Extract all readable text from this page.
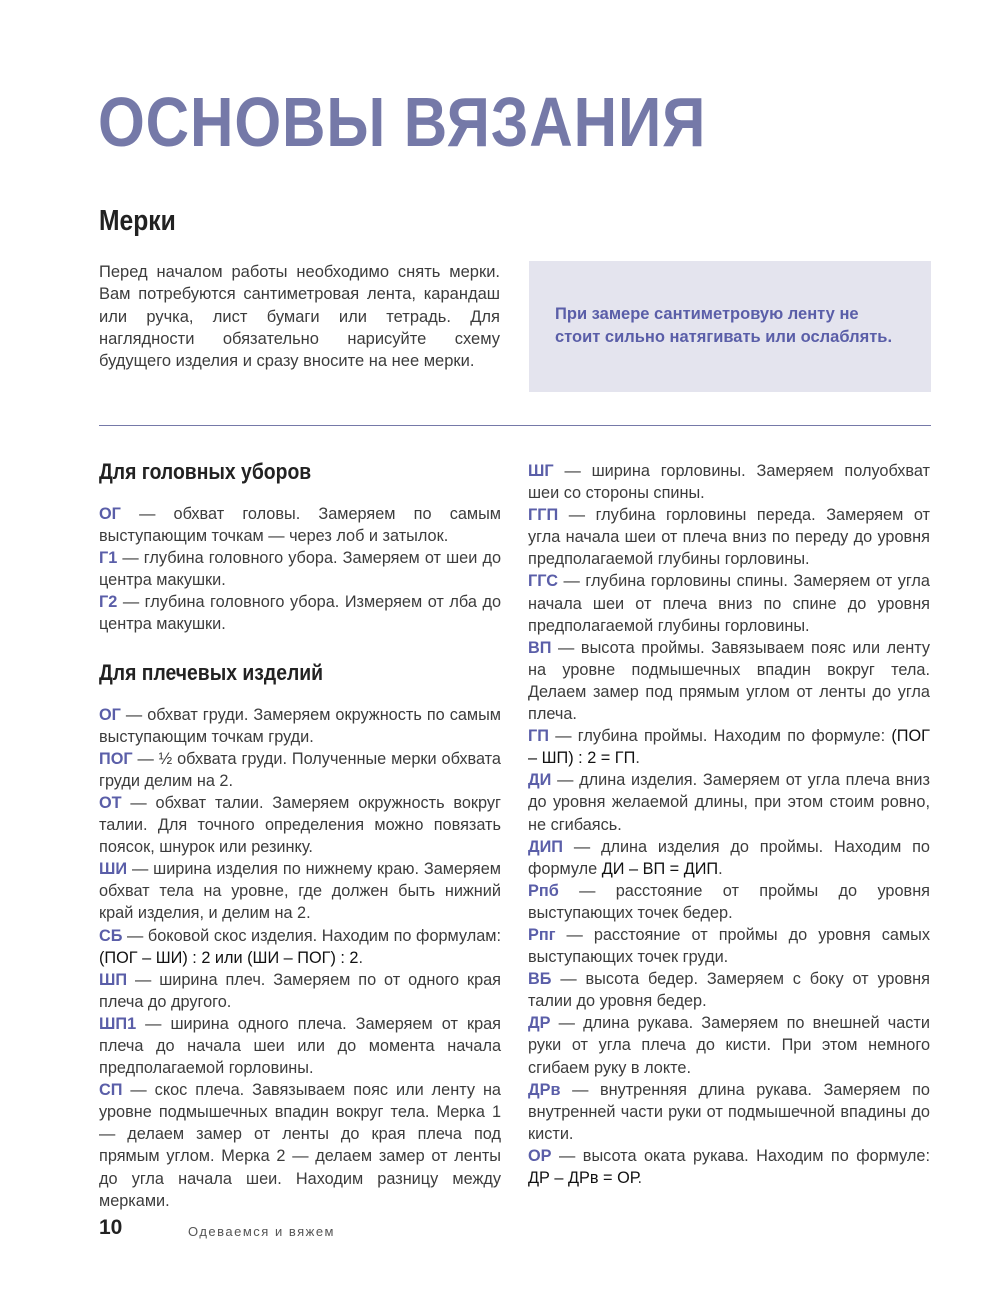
ОСНОВЫ ВЯЗАНИЯ
Мерки

Перед началом работы необходимо снять мерки. Вам потребуются сантиметровая лента, карандаш или ручка, лист бумаги или тетрадь. Для наглядности обязательно нарисуйте схему будущего изделия и сразу вносите на нее мерки.

При замере сантиметровую ленту не стоит сильно натягивать или ослаблять.

Для головных уборов

ОГ — обхват головы. Замеряем по самым выступающим точкам — через лоб и затылок.

Г1 — глубина головного убора. Замеряем от шеи до центра макушки.

Г2 — глубина головного убора. Измеряем от лба до центра макушки.

Для плечевых изделий

ОГ — обхват груди. Замеряем окружность по самым выступающим точкам груди.

ПОГ — ½ обхвата груди. Полученные мерки обхвата груди делим на 2.

ОТ — обхват талии. Замеряем окружность вокруг талии. Для точного определения можно повязать поясок, шнурок или резинку.

ШИ — ширина изделия по нижнему краю. Замеряем обхват тела на уровне, где должен быть нижний край изделия, и делим на 2.

СБ — боковой скос изделия. Находим по формулам: (ПОГ – ШИ) : 2 или (ШИ – ПОГ) : 2.

ШП — ширина плеч. Замеряем по от одного края плеча до другого.

ШП1 — ширина одного плеча. Замеряем от края плеча до начала шеи или до момента начала предполагаемой горловины.

СП — скос плеча. Завязываем пояс или ленту на уровне подмышечных впадин вокруг тела. Мерка 1 — делаем замер от ленты до края плеча под прямым углом. Мерка 2 — делаем замер от ленты до угла начала шеи. Находим разницу между мерками.

ШГ — ширина горловины. Замеряем полуобхват шеи со стороны спины.

ГГП — глубина горловины переда. Замеряем от угла начала шеи от плеча вниз по переду до уровня предполагаемой глубины горловины.

ГГС — глубина горловины спины. Замеряем от угла начала шеи от плеча вниз по спине до уровня предполагаемой глубины горловины.

ВП — высота проймы. Завязываем пояс или ленту на уровне подмышечных впадин вокруг тела. Делаем замер под прямым углом от ленты до угла плеча.

ГП — глубина проймы. Находим по формуле: (ПОГ – ШП) : 2 = ГП.

ДИ — длина изделия. Замеряем от угла плеча вниз до уровня желаемой длины, при этом стоим ровно, не сгибаясь.

ДИП — длина изделия до проймы. Находим по формуле ДИ – ВП = ДИП.

Рпб — расстояние от проймы до уровня выступающих точек бедер.

Рпг — расстояние от проймы до уровня самых выступающих точек груди.

ВБ — высота бедер. Замеряем с боку от уровня талии до уровня бедер.

ДР — длина рукава. Замеряем по внешней части руки от угла плеча до кисти. При этом немного сгибаем руку в локте.

ДРв — внутренняя длина рукава. Замеряем по внутренней части руки от подмышечной впадины до кисти.

ОР — высота оката рукава. Находим по формуле: ДР – ДРв = ОР.

10	Одеваемся и вяжем
